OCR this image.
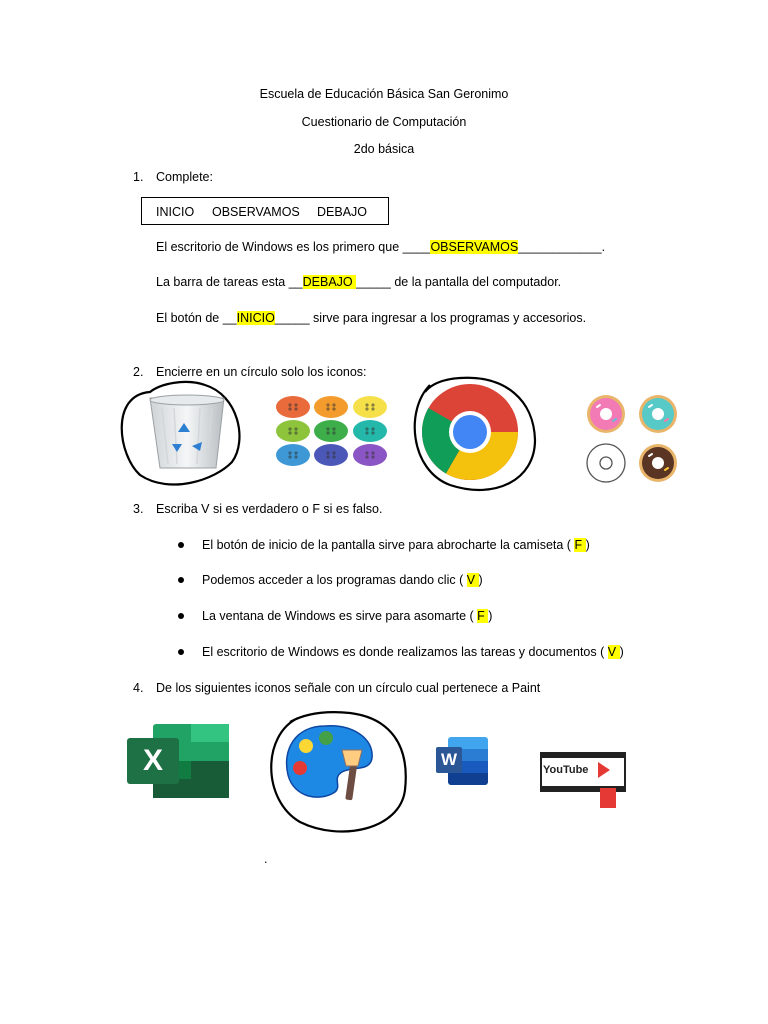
Escuela de Educación Básica San Geronimo
Cuestionario de Computación
2do básica
1. Complete:
INICIO OBSERVAMOS DEBAJO
El escritorio de Windows es los primero que ____OBSERVAMOS____________.
La barra de tareas esta __DEBAJO _____ de la pantalla del computador.
El botón de __INICIO_____ sirve para ingresar a los programas y accesorios.
2. Encierre en un círculo solo los iconos:
3. Escriba V si es verdadero o F si es falso.
El botón de inicio de la pantalla sirve para abrocharte la camiseta ( F )
Podemos acceder a los programas dando clic ( V )
La ventana de Windows es sirve para asomarte ( F )
El escritorio de Windows es donde realizamos las tareas y documentos ( V )
4. De los siguientes iconos señale con un círculo cual pertenece a Paint
X	W
YouTube
.
